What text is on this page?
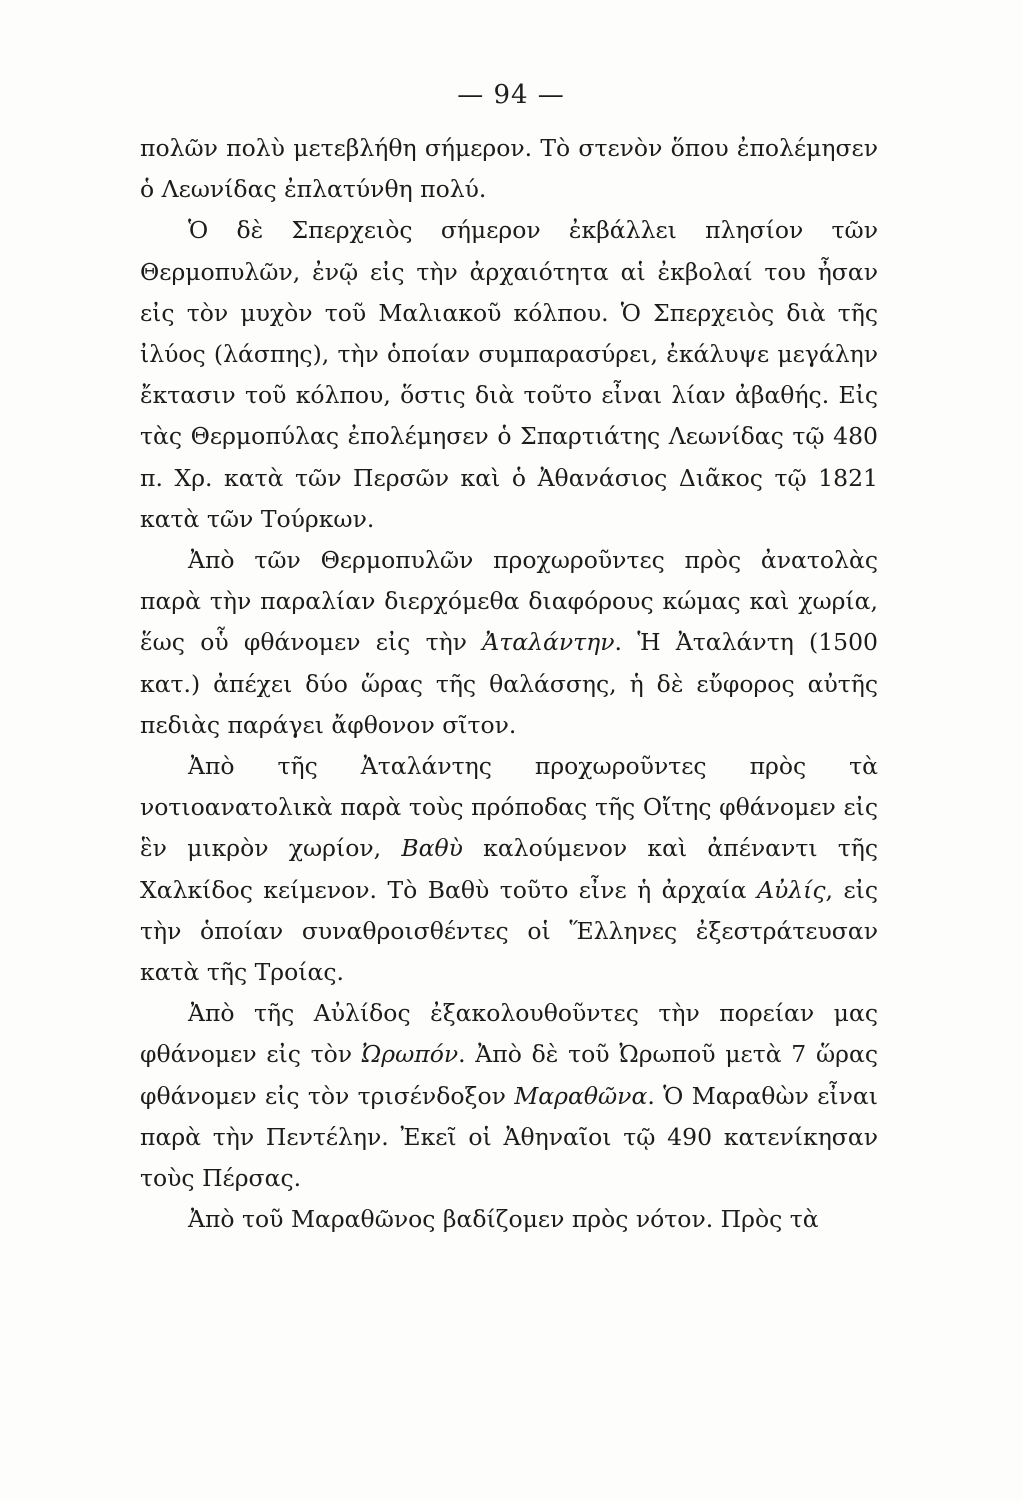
— 94 —

πολῶν πολὺ μετεβλήθη σήμερον. Τὸ στενὸν ὅπου ἐπολέμησεν ὁ Λεωνίδας ἐπλατύνθη πολύ.

Ὁ δὲ Σπερχειὸς σήμερον ἐκβάλλει πλησίον τῶν Θερμοπυλῶν, ἐνῷ εἰς τὴν ἀρχαιότητα αἱ ἐκβολαί του ἦσαν εἰς τὸν μυχὸν τοῦ Μαλιακοῦ κόλπου. Ὁ Σπερχειὸς διὰ τῆς ἰλύος (λάσπης), τὴν ὁποίαν συμπαρασύρει, ἐκάλυψε μεγάλην ἔκτασιν τοῦ κόλπου, ὅστις διὰ τοῦτο εἶναι λίαν ἀβαθής. Εἰς τὰς Θερμοπύλας ἐπολέμησεν ὁ Σπαρτιάτης Λεωνίδας τῷ 480 π. Χρ. κατὰ τῶν Περσῶν καὶ ὁ Ἀθανάσιος Διᾶκος τῷ 1821 κατὰ τῶν Τούρκων.

Ἀπὸ τῶν Θερμοπυλῶν προχωροῦντες πρὸς ἀνατολὰς παρὰ τὴν παραλίαν διερχόμεθα διαφόρους κώμας καὶ χωρία, ἕως οὗ φθάνομεν εἰς τὴν Ἀταλάντην. Ἡ Ἀταλάντη (1500 κατ.) ἀπέχει δύο ὥρας τῆς θαλάσσης, ἡ δὲ εὔφορος αὐτῆς πεδιὰς παράγει ἄφθονον σῖτον.

Ἀπὸ τῆς Ἀταλάντης προχωροῦντες πρὸς τὰ νοτιοανατολικὰ παρὰ τοὺς πρόποδας τῆς Οἴτης φθάνομεν εἰς ἓν μικρὸν χωρίον, Βαθὺ καλούμενον καὶ ἀπέναντι τῆς Χαλκίδος κείμενον. Τὸ Βαθὺ τοῦτο εἶνε ἡ ἀρχαία Αὐλίς, εἰς τὴν ὁποίαν συναθροισθέντες οἱ Ἕλληνες ἐξεστράτευσαν κατὰ τῆς Τροίας.

Ἀπὸ τῆς Αὐλίδος ἐξακολουθοῦντες τὴν πορείαν μας φθάνομεν εἰς τὸν Ὠρωπόν. Ἀπὸ δὲ τοῦ Ὠρωποῦ μετὰ 7 ὥρας φθάνομεν εἰς τὸν τρισένδοξον Μαραθῶνα. Ὁ Μαραθὼν εἶναι παρὰ τὴν Πεντέλην. Ἐκεῖ οἱ Ἀθηναῖοι τῷ 490 κατενίκησαν τοὺς Πέρσας.

Ἀπὸ τοῦ Μαραθῶνος βαδίζομεν πρὸς νότον. Πρὸς τὰ
